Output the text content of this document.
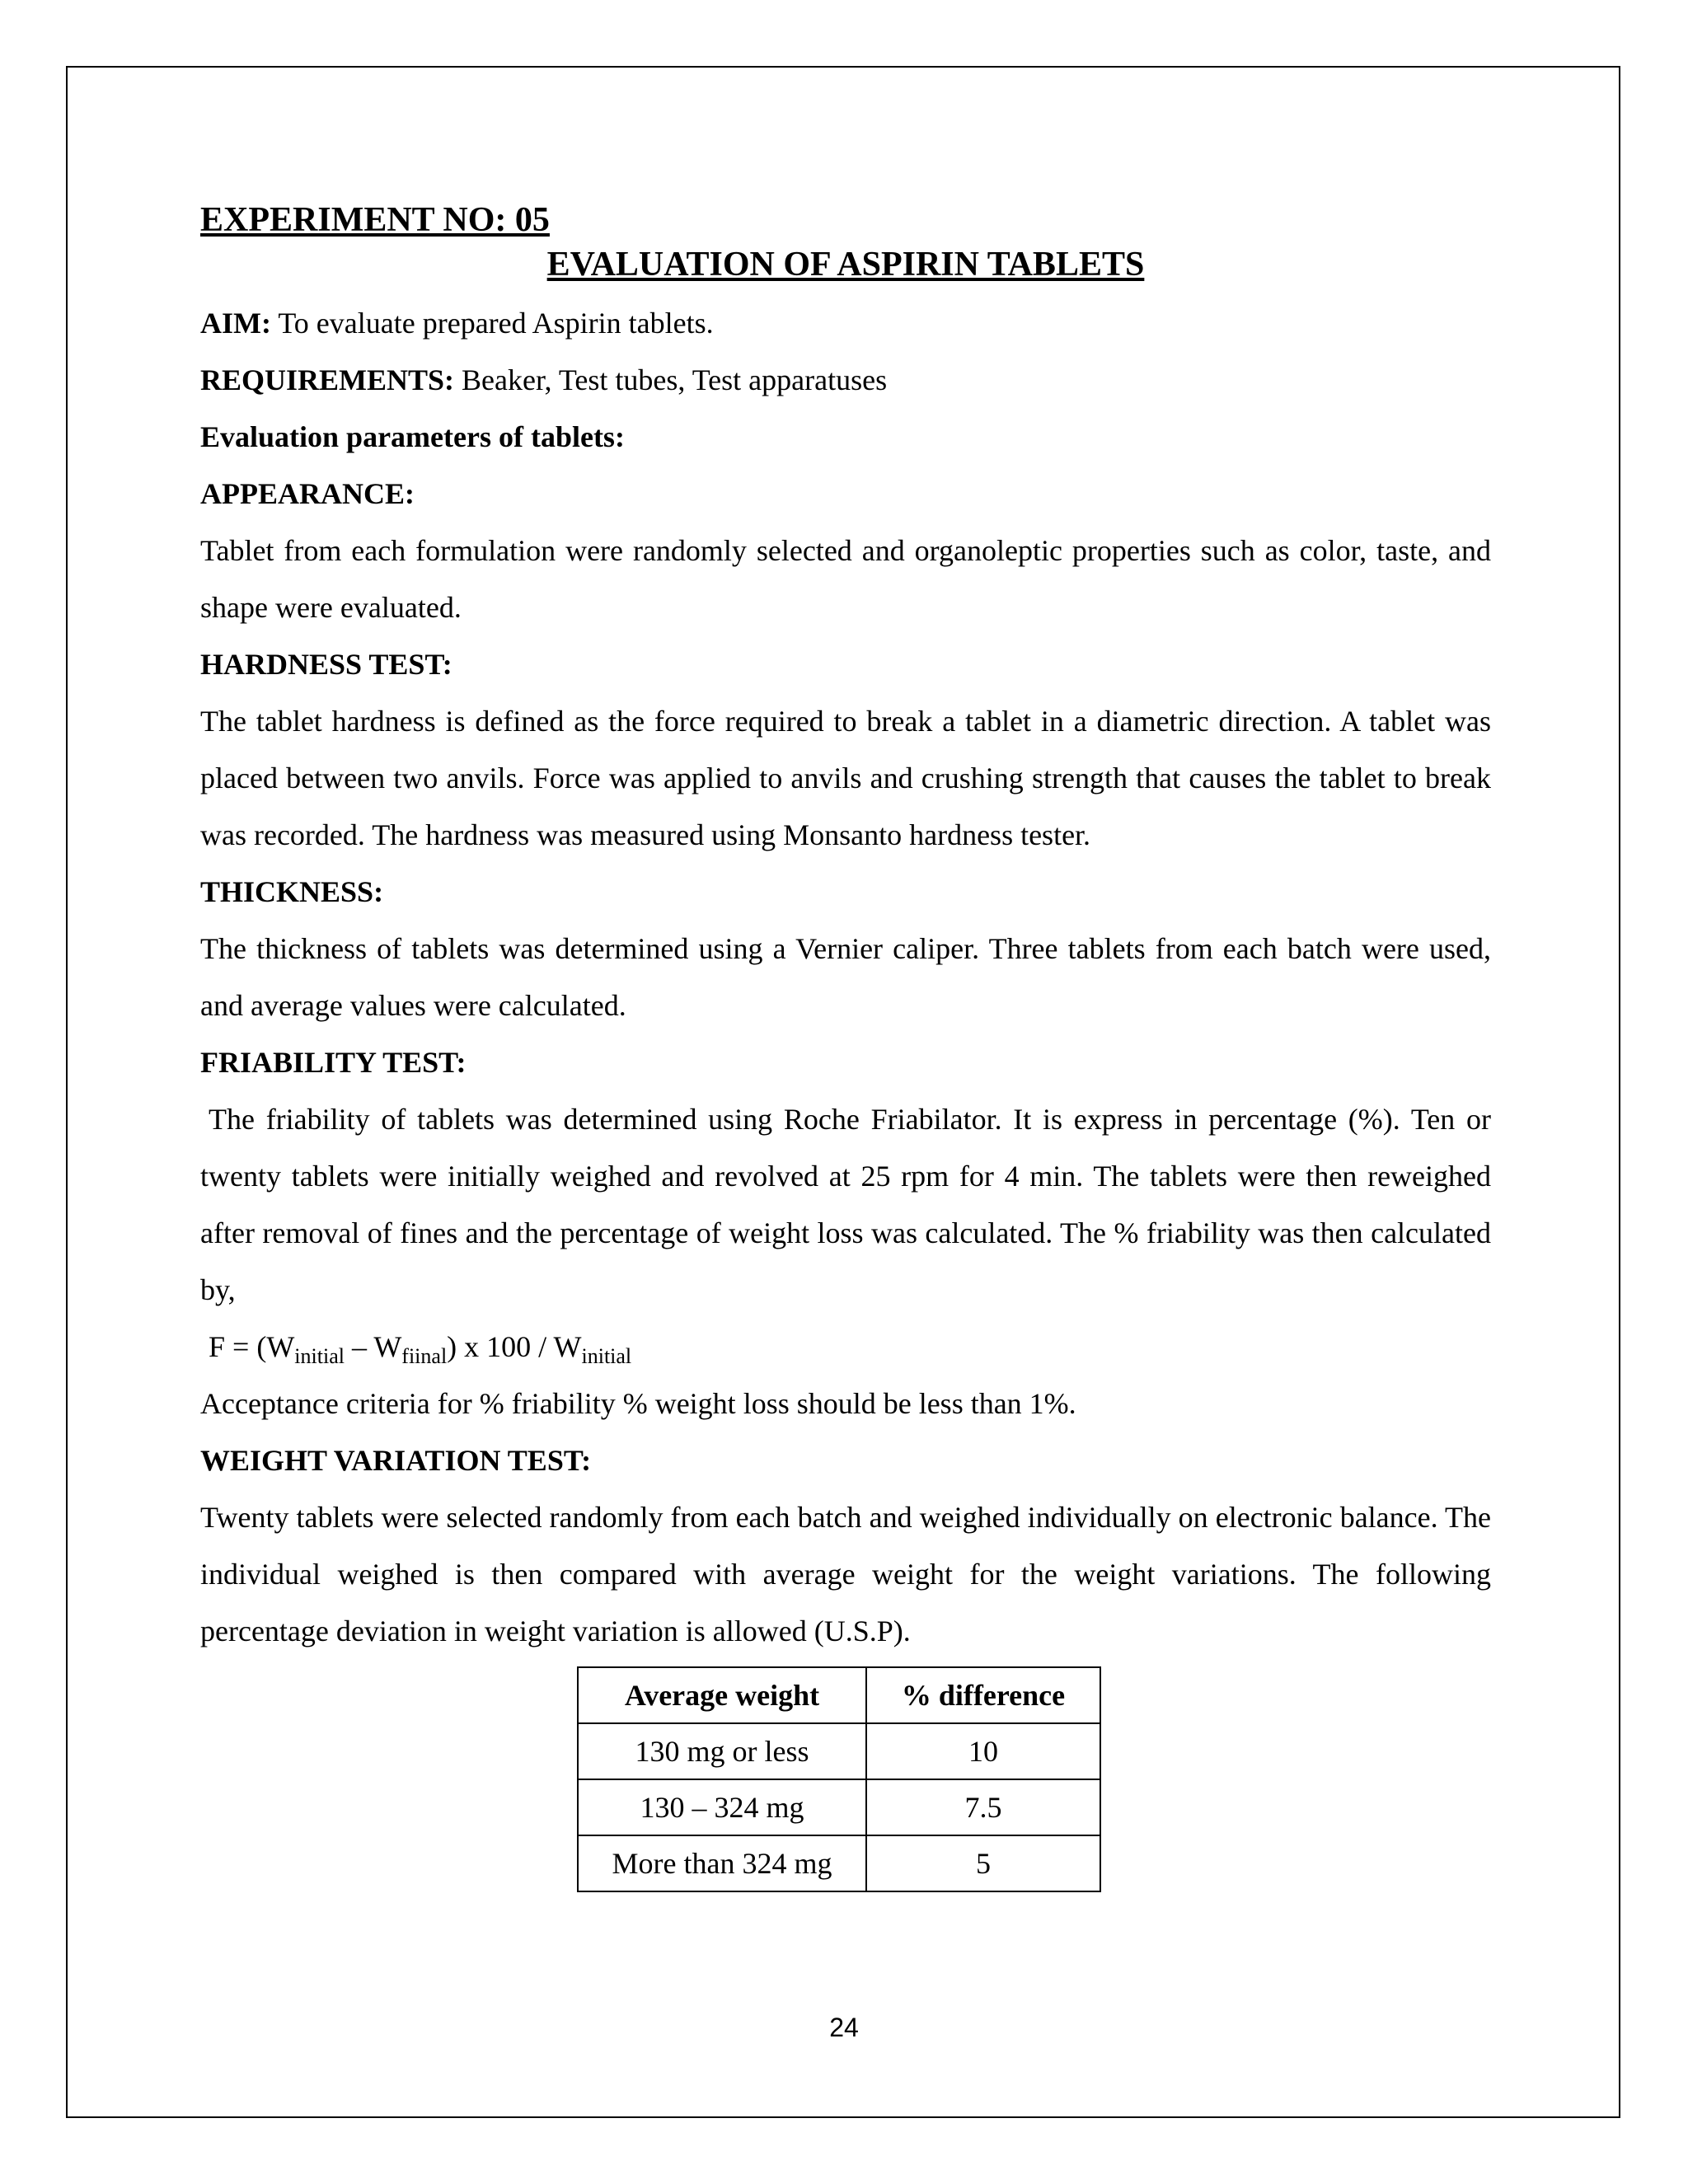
EXPERIMENT NO: 05
EVALUATION OF ASPIRIN TABLETS

AIM: To evaluate prepared Aspirin tablets.

REQUIREMENTS: Beaker, Test tubes, Test apparatuses

Evaluation parameters of tablets:

APPEARANCE:

Tablet from each formulation were randomly selected and organoleptic properties such as color, taste, and shape were evaluated.

HARDNESS TEST:

The tablet hardness is defined as the force required to break a tablet in a diametric direction. A tablet was placed between two anvils. Force was applied to anvils and crushing strength that causes the tablet to break was recorded. The hardness was measured using Monsanto hardness tester.

THICKNESS:

The thickness of tablets was determined using a Vernier caliper. Three tablets from each batch were used, and average values were calculated.

FRIABILITY TEST:

The friability of tablets was determined using Roche Friabilator. It is express in percentage (%). Ten or twenty tablets were initially weighed and revolved at 25 rpm for 4 min. The tablets were then reweighed after removal of fines and the percentage of weight loss was calculated. The % friability was then calculated by,

$F = (W_{initial} - W_{fiinal})$ x $100 / W_{initial}$

Acceptance criteria for % friability % weight loss should be less than 1%.

WEIGHT VARIATION TEST:

Twenty tablets were selected randomly from each batch and weighed individually on electronic balance. The individual weighed is then compared with average weight for the weight variations. The following percentage deviation in weight variation is allowed (U.S.P).

Average weight	% difference
130 mg or less	10
130 – 324 mg	7.5
More than 324 mg	5
24
